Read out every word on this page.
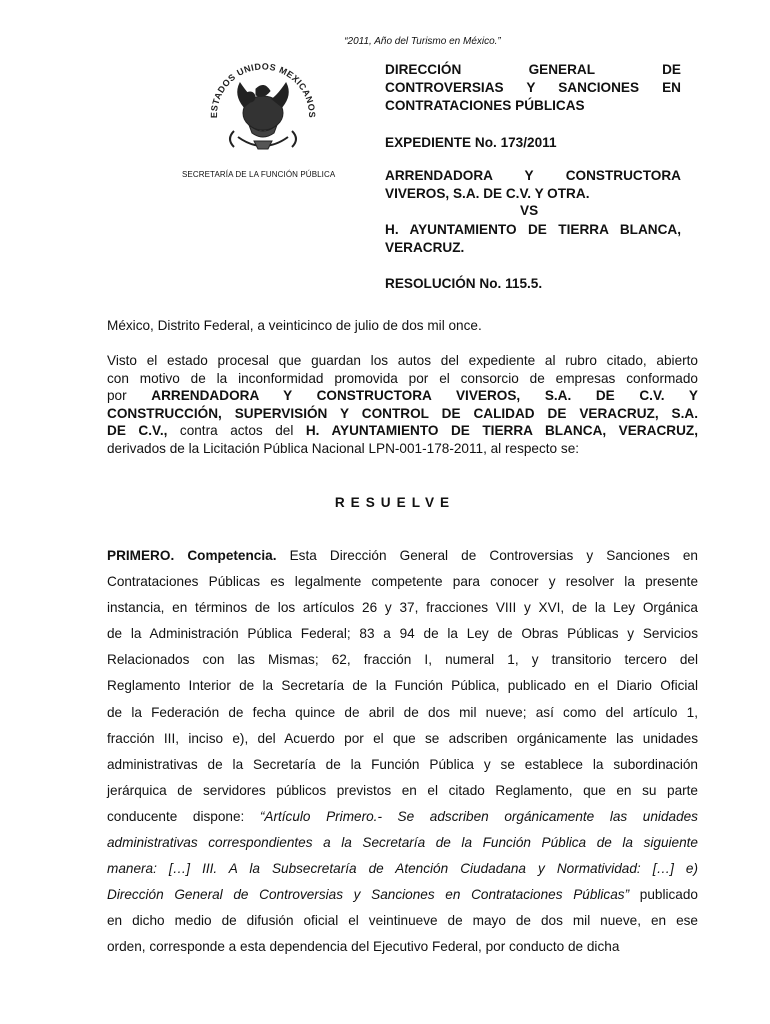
“2011, Año del Turismo en México.”
ESTADOS UNIDOS MEXICANOS
SECRETARÍA DE LA FUNCIÓN PÚBLICA
DIRECCIÓN GENERAL DE
CONTROVERSIAS Y SANCIONES EN
CONTRATACIONES PÚBLICAS
EXPEDIENTE No. 173/2011
ARRENDADORA Y CONSTRUCTORA
VIVEROS, S.A. DE C.V. Y OTRA.
VS
H. AYUNTAMIENTO DE TIERRA BLANCA,
VERACRUZ.
RESOLUCIÓN No. 115.5.
México, Distrito Federal, a veinticinco de julio de dos mil once.
Visto el estado procesal que guardan los autos del expediente al rubro citado, abierto
con motivo de la inconformidad promovida por el consorcio de empresas conformado
por ARRENDADORA Y CONSTRUCTORA VIVEROS, S.A. DE C.V. Y
CONSTRUCCIÓN, SUPERVISIÓN Y CONTROL DE CALIDAD DE VERACRUZ, S.A.
DE C.V., contra actos del H. AYUNTAMIENTO DE TIERRA BLANCA, VERACRUZ,
derivados de la Licitación Pública Nacional LPN-001-178-2011, al respecto se:
RESUELVE
PRIMERO. Competencia. Esta Dirección General de Controversias y Sanciones en
Contrataciones Públicas es legalmente competente para conocer y resolver la presente
instancia, en términos de los artículos 26 y 37, fracciones VIII y XVI, de la Ley Orgánica
de la Administración Pública Federal; 83 a 94 de la Ley de Obras Públicas y Servicios
Relacionados con las Mismas; 62, fracción I, numeral 1, y transitorio tercero del
Reglamento Interior de la Secretaría de la Función Pública, publicado en el Diario Oficial
de la Federación de fecha quince de abril de dos mil nueve; así como del artículo 1,
fracción III, inciso e), del Acuerdo por el que se adscriben orgánicamente las unidades
administrativas de la Secretaría de la Función Pública y se establece la subordinación
jerárquica de servidores públicos previstos en el citado Reglamento, que en su parte
conducente dispone: “Artículo Primero.- Se adscriben orgánicamente las unidades
administrativas correspondientes a la Secretaría de la Función Pública de la siguiente
manera: […] III. A la Subsecretaría de Atención Ciudadana y Normatividad: […] e)
Dirección General de Controversias y Sanciones en Contrataciones Públicas” publicado
en dicho medio de difusión oficial el veintinueve de mayo de dos mil nueve, en ese
orden, corresponde a esta dependencia del Ejecutivo Federal, por conducto de dicha
